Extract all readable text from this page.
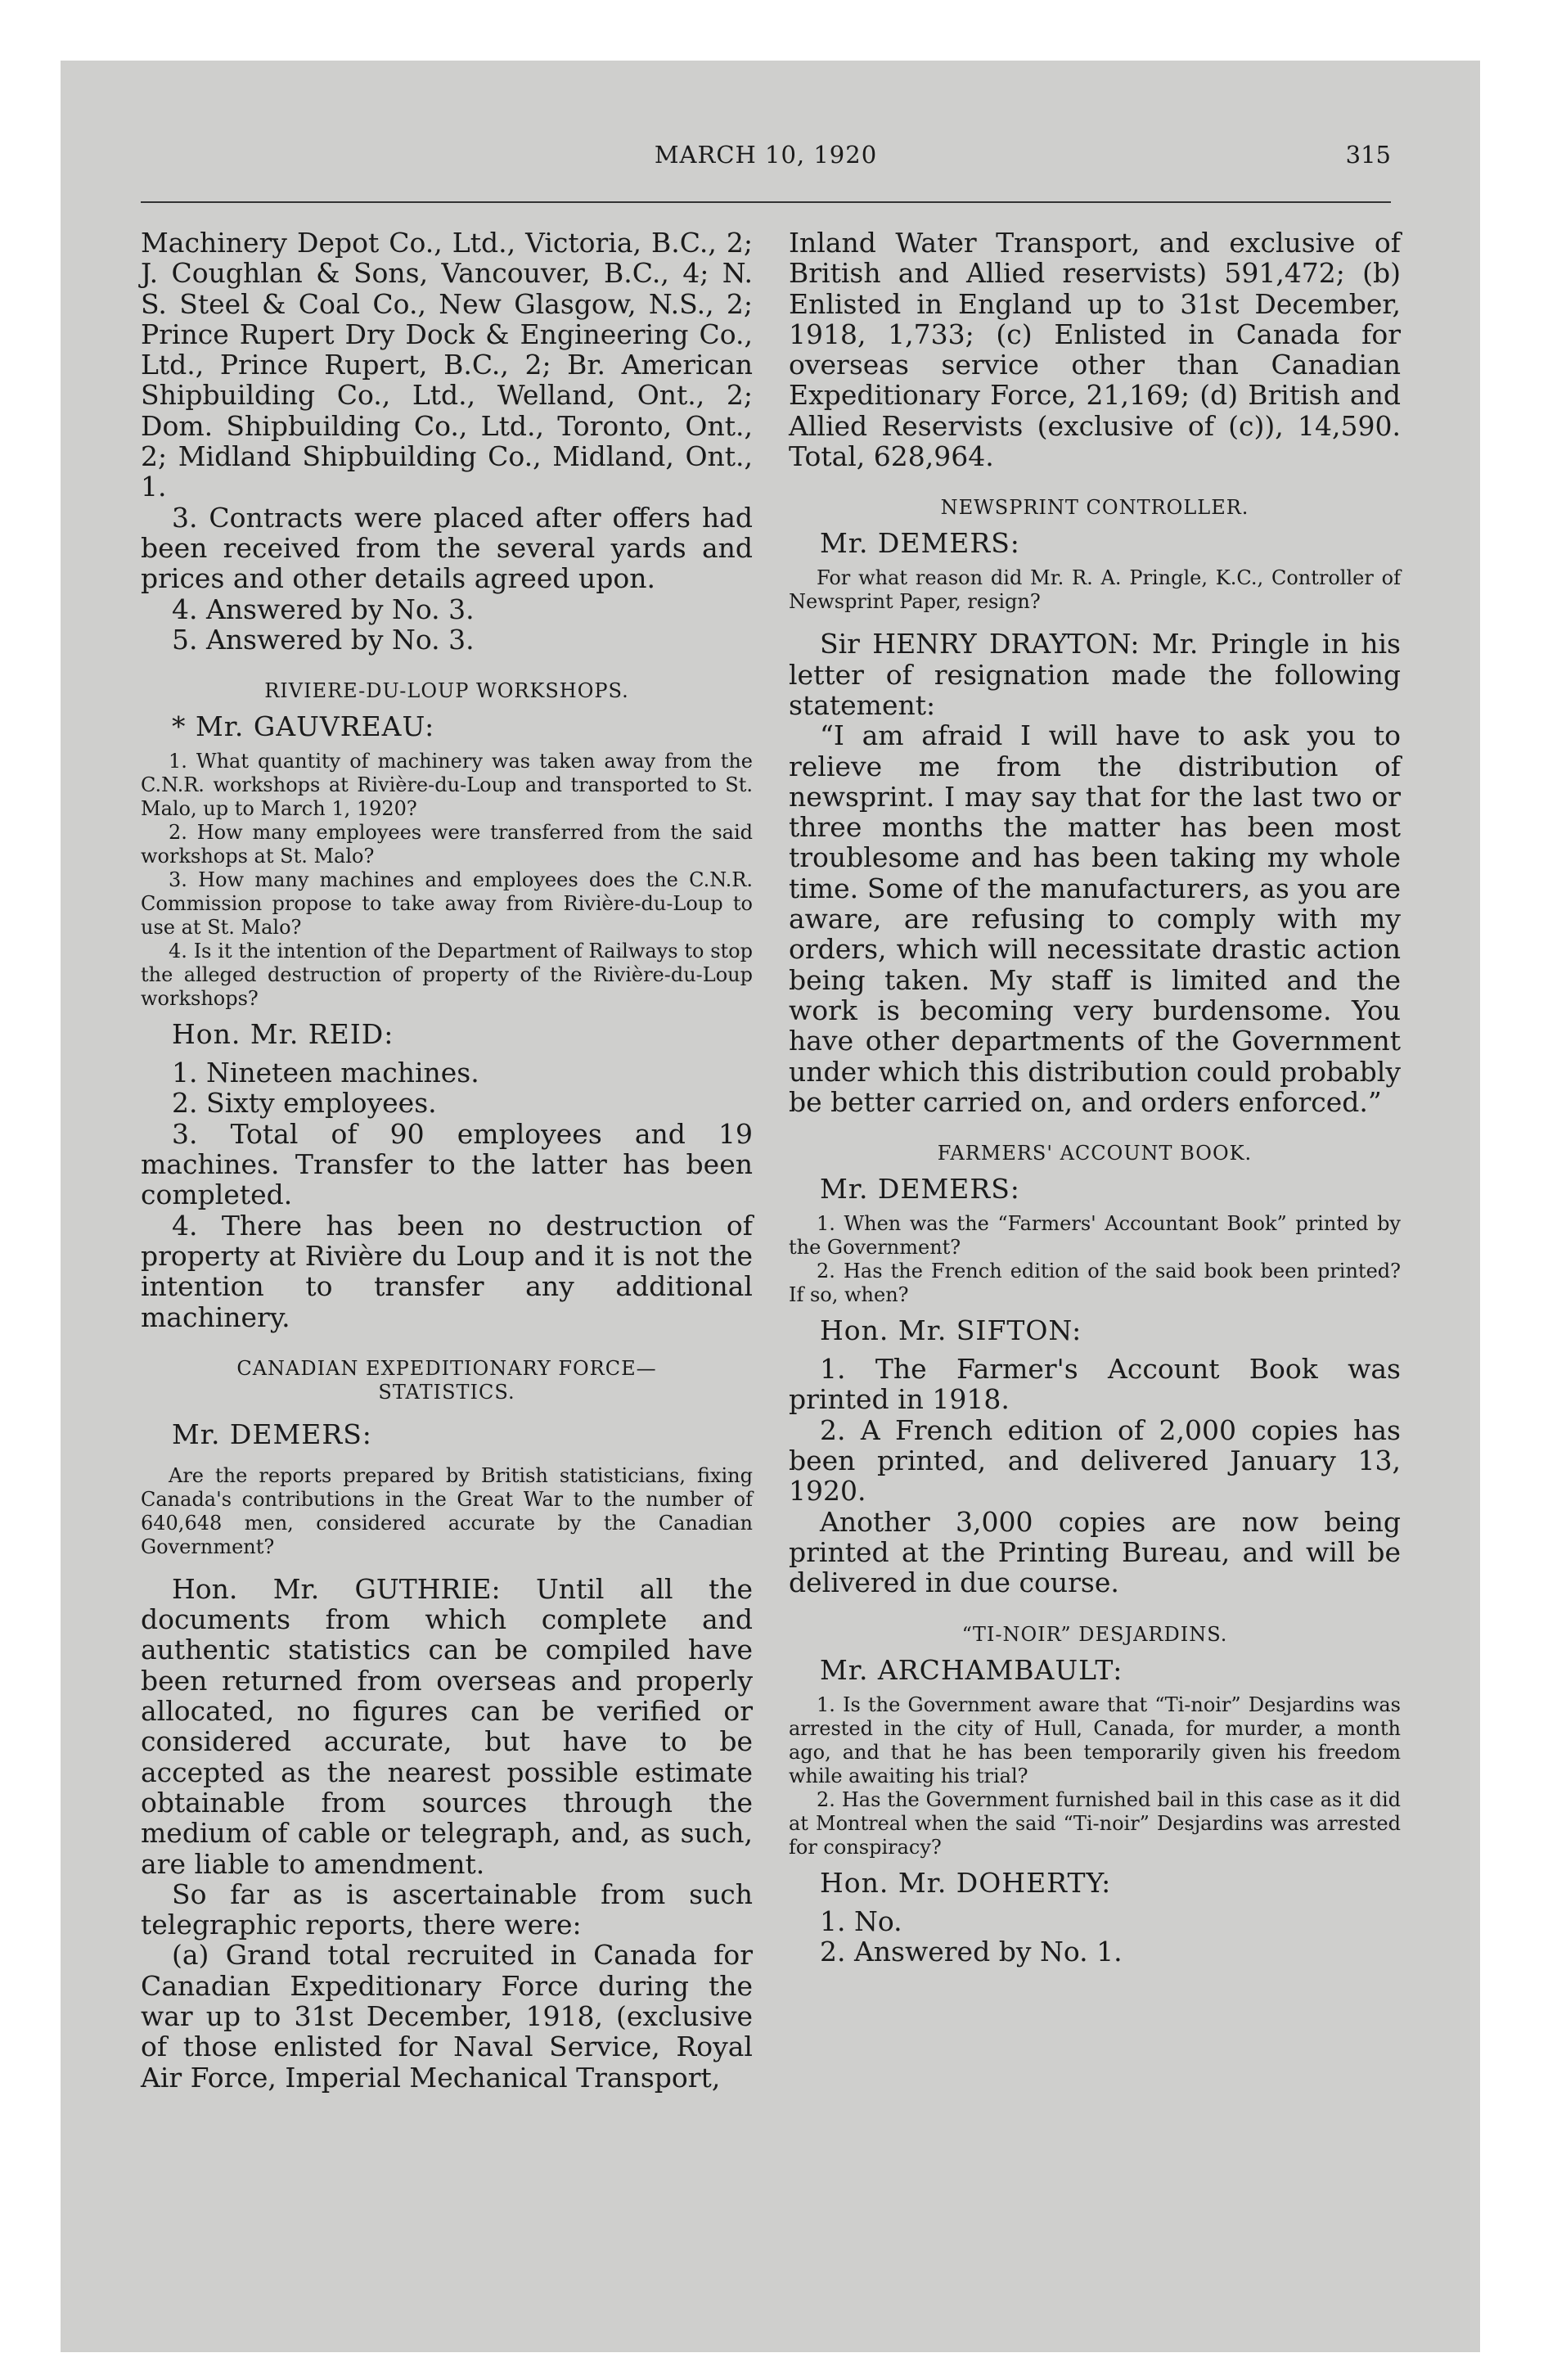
MARCH 10, 1920	315

Machinery Depot Co., Ltd., Victoria, B.C., 2; J. Coughlan & Sons, Vancouver, B.C., 4; N. S. Steel & Coal Co., New Glasgow, N.S., 2; Prince Rupert Dry Dock & Engineering Co., Ltd., Prince Rupert, B.C., 2; Br. American Shipbuilding Co., Ltd., Welland, Ont., 2; Dom. Shipbuilding Co., Ltd., Toronto, Ont., 2; Midland Shipbuilding Co., Midland, Ont., 1.

3. Contracts were placed after offers had been received from the several yards and prices and other details agreed upon.

4. Answered by No. 3.

5. Answered by No. 3.

RIVIERE-DU-LOUP WORKSHOPS.

* Mr. GAUVREAU:

1. What quantity of machinery was taken away from the C.N.R. workshops at Rivière-du-Loup and transported to St. Malo, up to March 1, 1920?

2. How many employees were transferred from the said workshops at St. Malo?

3. How many machines and employees does the C.N.R. Commission propose to take away from Rivière-du-Loup to use at St. Malo?

4. Is it the intention of the Department of Railways to stop the alleged destruction of property of the Rivière-du-Loup workshops?

Hon. Mr. REID:

1. Nineteen machines.

2. Sixty employees.

3. Total of 90 employees and 19 machines. Transfer to the latter has been completed.

4. There has been no destruction of property at Rivière du Loup and it is not the intention to transfer any additional machinery.

CANADIAN EXPEDITIONARY FORCE— STATISTICS.

Mr. DEMERS:

Are the reports prepared by British statisticians, fixing Canada's contributions in the Great War to the number of 640,648 men, considered accurate by the Canadian Government?

Hon. Mr. GUTHRIE: Until all the documents from which complete and authentic statistics can be compiled have been returned from overseas and properly allocated, no figures can be verified or considered accurate, but have to be accepted as the nearest possible estimate obtainable from sources through the medium of cable or telegraph, and, as such, are liable to amendment.

So far as is ascertainable from such telegraphic reports, there were:

(a) Grand total recruited in Canada for Canadian Expeditionary Force during the war up to 31st December, 1918, (exclusive of those enlisted for Naval Service, Royal Air Force, Imperial Mechanical Transport,

Inland Water Transport, and exclusive of British and Allied reservists) 591,472; (b) Enlisted in England up to 31st December, 1918, 1,733; (c) Enlisted in Canada for overseas service other than Canadian Expeditionary Force, 21,169; (d) British and Allied Reservists (exclusive of (c)), 14,590. Total, 628,964.

NEWSPRINT CONTROLLER.

Mr. DEMERS:

For what reason did Mr. R. A. Pringle, K.C., Controller of Newsprint Paper, resign?

Sir HENRY DRAYTON: Mr. Pringle in his letter of resignation made the following statement:

“I am afraid I will have to ask you to relieve me from the distribution of newsprint. I may say that for the last two or three months the matter has been most troublesome and has been taking my whole time. Some of the manufacturers, as you are aware, are refusing to comply with my orders, which will necessitate drastic action being taken. My staff is limited and the work is becoming very burdensome. You have other departments of the Government under which this distribution could probably be better carried on, and orders enforced.”

FARMERS' ACCOUNT BOOK.

Mr. DEMERS:

1. When was the “Farmers' Accountant Book” printed by the Government?

2. Has the French edition of the said book been printed? If so, when?

Hon. Mr. SIFTON:

1. The Farmer's Account Book was printed in 1918.

2. A French edition of 2,000 copies has been printed, and delivered January 13, 1920.

Another 3,000 copies are now being printed at the Printing Bureau, and will be delivered in due course.

“TI-NOIR” DESJARDINS.

Mr. ARCHAMBAULT:

1. Is the Government aware that “Ti-noir” Desjardins was arrested in the city of Hull, Canada, for murder, a month ago, and that he has been temporarily given his freedom while awaiting his trial?

2. Has the Government furnished bail in this case as it did at Montreal when the said “Ti-noir” Desjardins was arrested for conspiracy?

Hon. Mr. DOHERTY:

1. No.

2. Answered by No. 1.
